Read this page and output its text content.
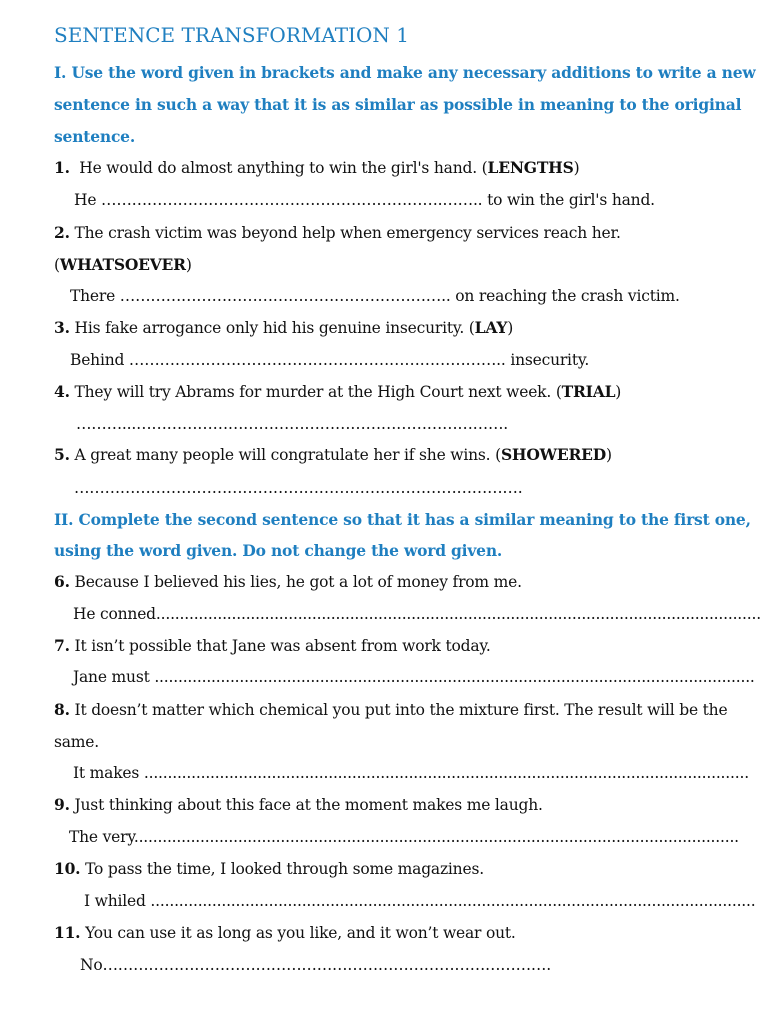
SENTENCE TRANSFORMATION 1
I. Use the word given in brackets and make any necessary additions to write a new
sentence in such a way that it is as similar as possible in meaning to the original
sentence.
1. He would do almost anything to win the girl's hand. (LENGTHS)
He ………………………………………………………….…….. to win the girl's hand.
2. The crash victim was beyond help when emergency services reach her.
(WHATSOEVER)
There ……………………………………………………….. on reaching the crash victim.
3. His fake arrogance only hid his genuine insecurity. (LAY)
Behind ……………………………………………………………….. insecurity.
4. They will try Abrams for murder at the High Court next week. (TRIAL)
………...……………………………………………………………….
5. A great many people will congratulate her if she wins. (SHOWERED)
…………………………………………………………………………….
II. Complete the second sentence so that it has a similar meaning to the first one,
using the word given. Do not change the word given.
6. Because I believed his lies, he got a lot of money from me.
He conned................................................................................................................................
7. It isn’t possible that Jane was absent from work today.
Jane must ...............................................................................................................................
8. It doesn’t matter which chemical you put into the mixture first. The result will be the
same.
It makes ................................................................................................................................
9. Just thinking about this face at the moment makes me laugh.
The very................................................................................................................................
10. To pass the time, I looked through some magazines.
I whiled ................................................................................................................................
11. You can use it as long as you like, and it won’t wear out.
No…………………………………………………………………………….
